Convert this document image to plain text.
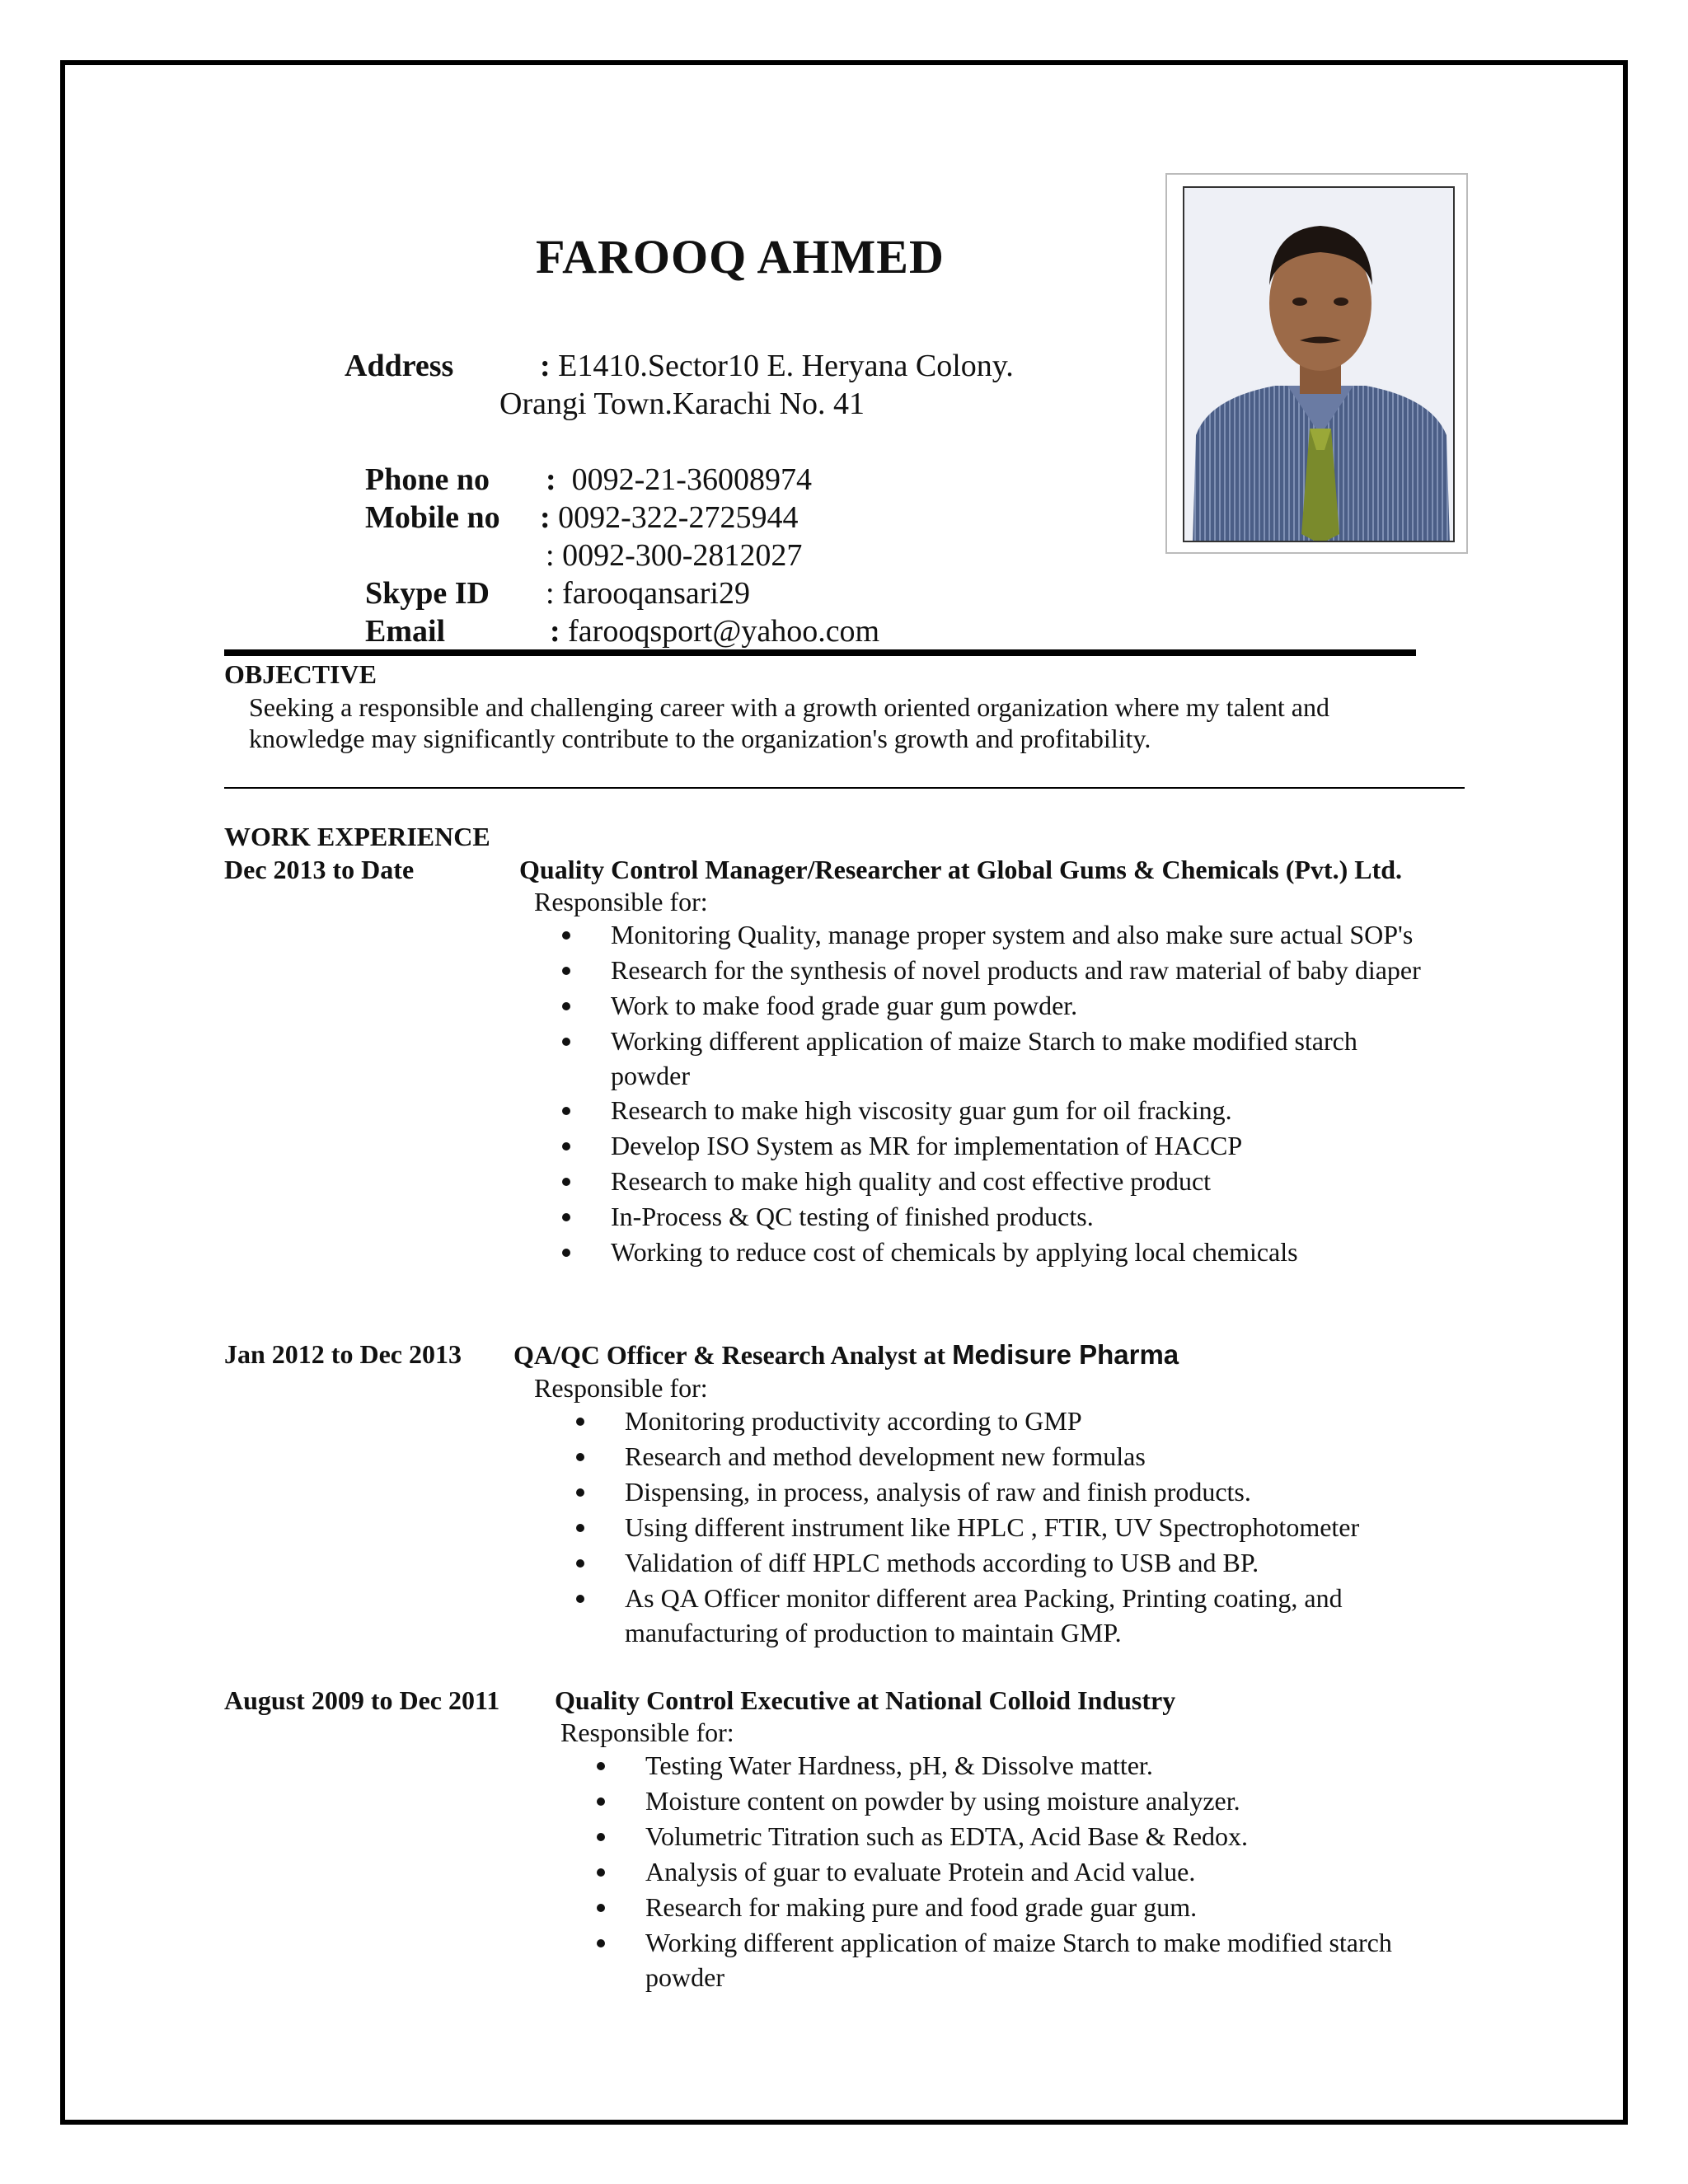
FAROOQ AHMED
Address	: E1410.Sector10 E. Heryana Colony.
Orangi Town.Karachi No. 41
Phone no : 0092-21-36008974
Mobile no : 0092-322-2725944
: 0092-300-2812027
Skype ID : farooqansari29
Email	: farooqsport@yahoo.com
OBJECTIVE
Seeking a responsible and challenging career with a growth oriented organization where my talent and
knowledge may significantly contribute to the organization's growth and profitability.
WORK EXPERIENCE
Dec 2013 to Date	Quality Control Manager/Researcher at Global Gums & Chemicals (Pvt.) Ltd.
Responsible for:
Monitoring Quality, manage proper system and also make sure actual SOP's
Research for the synthesis of novel products and raw material of baby diaper
Work to make food grade guar gum powder.
Working different application of maize Starch to make modified starch
powder
Research to make high viscosity guar gum for oil fracking.
Develop ISO System as MR for implementation of HACCP
Research to make high quality and cost effective product
In-Process & QC testing of finished products.
Working to reduce cost of chemicals by applying local chemicals
Jan 2012 to Dec 2013 QA/QC Officer & Research Analyst at Medisure Pharma
Responsible for:
Monitoring productivity according to GMP
Research and method development new formulas
Dispensing, in process, analysis of raw and finish products.
Using different instrument like HPLC , FTIR, UV Spectrophotometer
Validation of diff HPLC methods according to USB and BP.
As QA Officer monitor different area Packing, Printing coating, and
manufacturing of production to maintain GMP.
August 2009 to Dec 2011 Quality Control Executive at National Colloid Industry
Responsible for:
Testing Water Hardness, pH, & Dissolve matter.
Moisture content on powder by using moisture analyzer.
Volumetric Titration such as EDTA, Acid Base & Redox.
Analysis of guar to evaluate Protein and Acid value.
Research for making pure and food grade guar gum.
Working different application of maize Starch to make modified starch
powder
